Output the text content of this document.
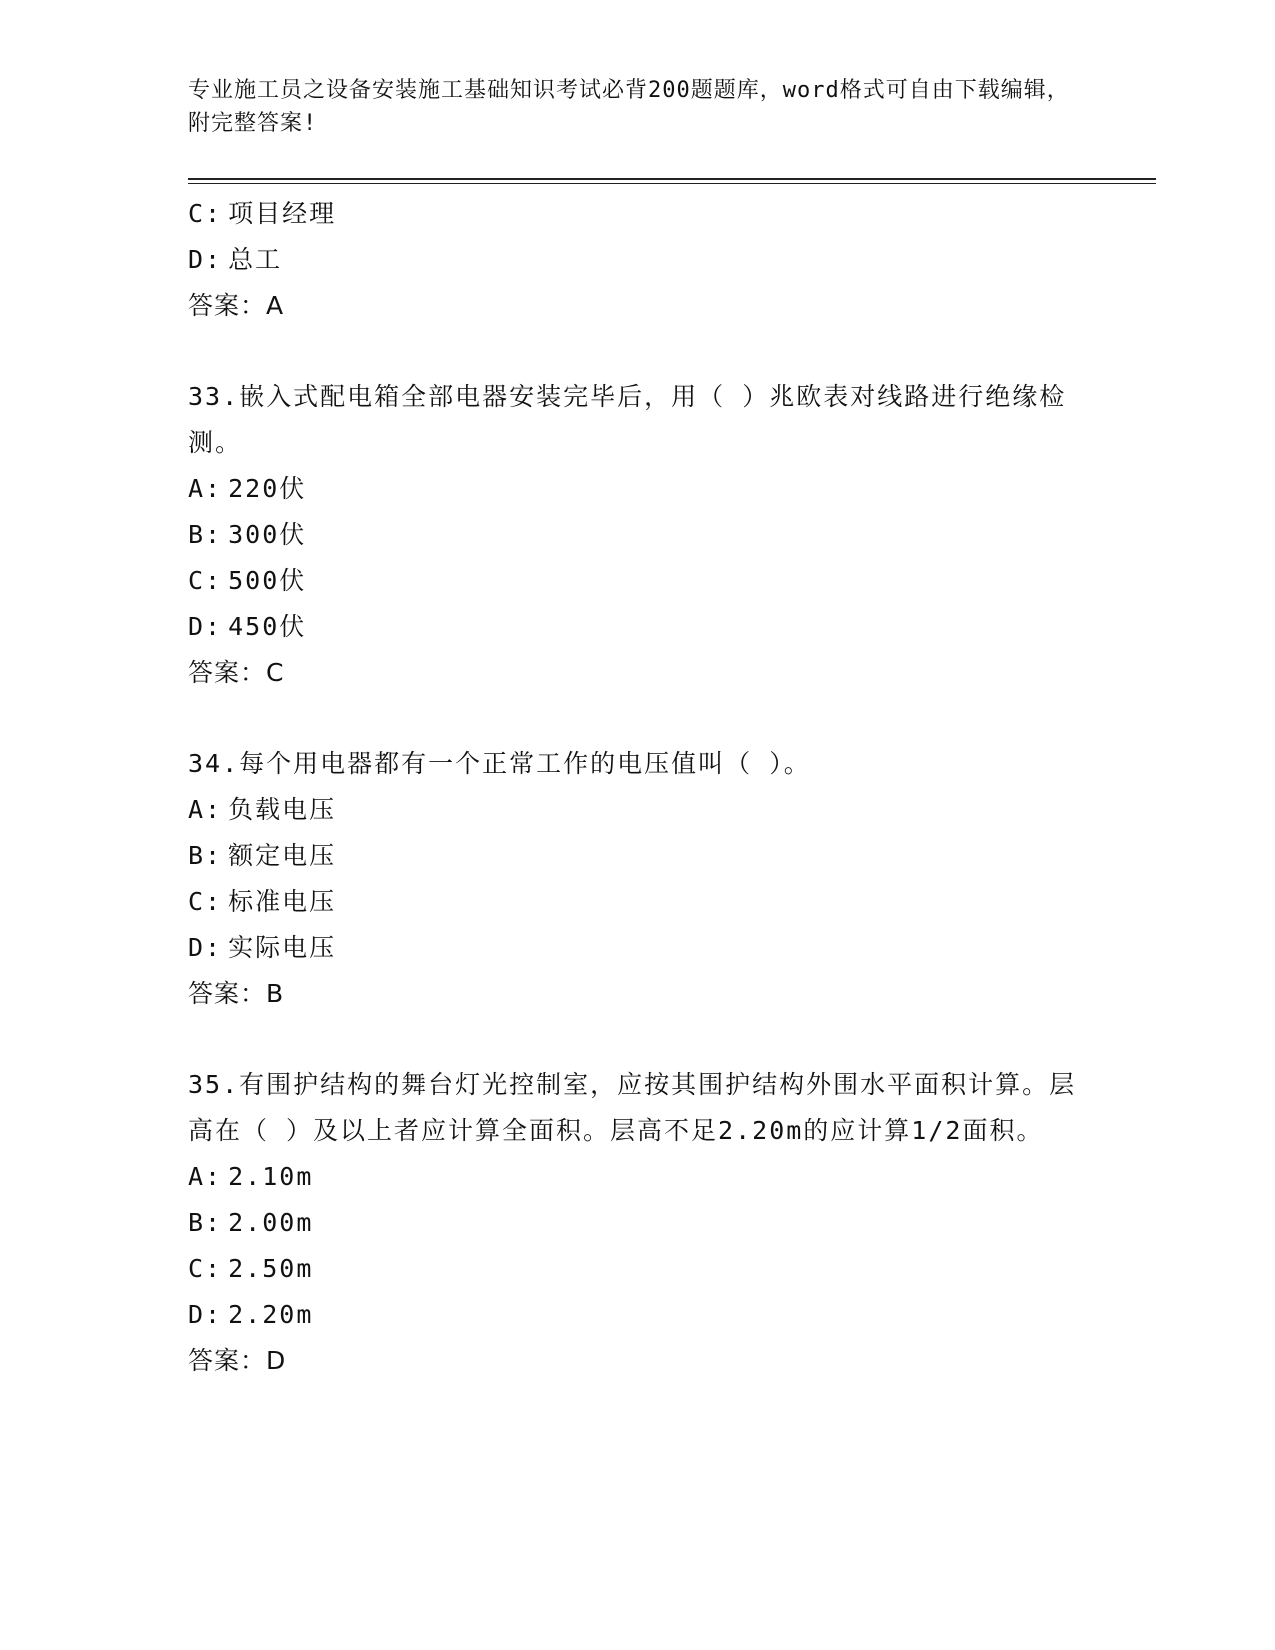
专业施工员之设备安装施工基础知识考试必背200题题库，word格式可自由下载编辑，附完整答案!
C: 项目经理
D: 总工
答案：A
33.嵌入式配电箱全部电器安装完毕后，用（ ）兆欧表对线路进行绝缘检测。
A: 220伏
B: 300伏
C: 500伏
D: 450伏
答案：C
34.每个用电器都有一个正常工作的电压值叫（ ）。
A: 负载电压
B: 额定电压
C: 标准电压
D: 实际电压
答案：B
35.有围护结构的舞台灯光控制室，应按其围护结构外围水平面积计算。层高在（ ）及以上者应计算全面积。层高不足2.20m的应计算1/2面积。
A: 2.10m
B: 2.00m
C: 2.50m
D: 2.20m
答案：D
